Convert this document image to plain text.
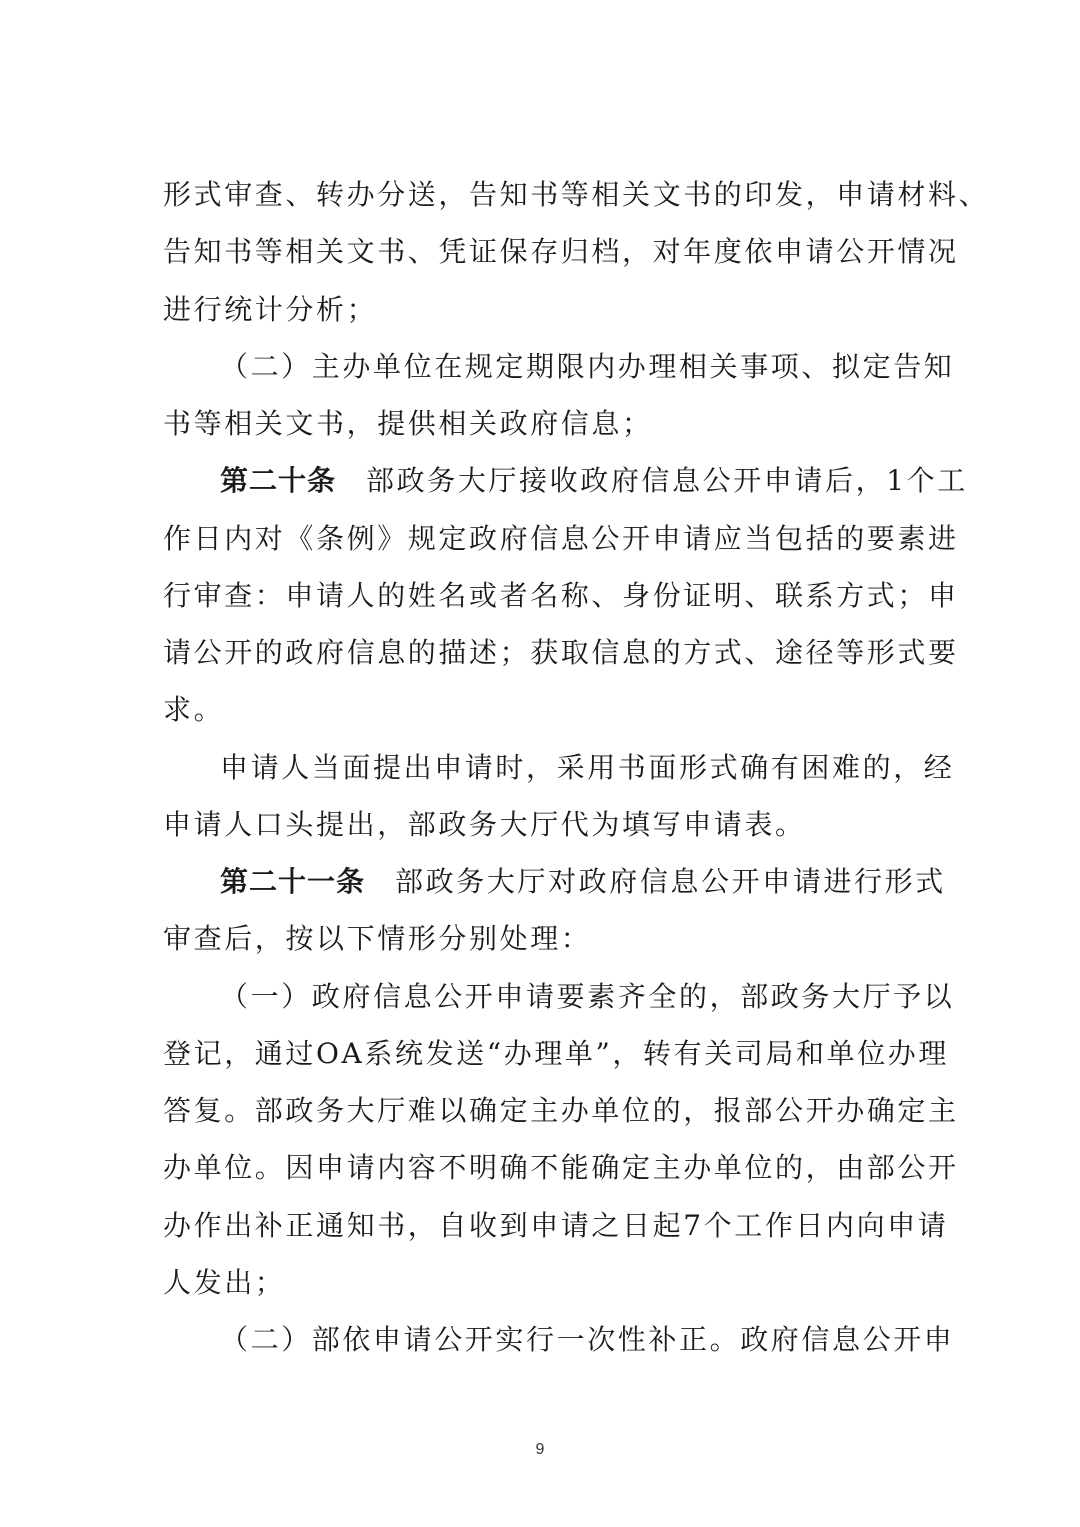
形式审查、转办分送，告知书等相关文书的印发，申请材料、
告知书等相关文书、凭证保存归档，对年度依申请公开情况
进行统计分析；
（二）主办单位在规定期限内办理相关事项、拟定告知
书等相关文书，提供相关政府信息；
第二十条 部政务大厅接收政府信息公开申请后，1个工
作日内对《条例》规定政府信息公开申请应当包括的要素进
行审查：申请人的姓名或者名称、身份证明、联系方式；申
请公开的政府信息的描述；获取信息的方式、途径等形式要
求。
申请人当面提出申请时，采用书面形式确有困难的，经
申请人口头提出，部政务大厅代为填写申请表。
第二十一条 部政务大厅对政府信息公开申请进行形式
审查后，按以下情形分别处理：
（一）政府信息公开申请要素齐全的，部政务大厅予以
登记，通过OA系统发送“办理单”，转有关司局和单位办理
答复。部政务大厅难以确定主办单位的，报部公开办确定主
办单位。因申请内容不明确不能确定主办单位的，由部公开
办作出补正通知书，自收到申请之日起7个工作日内向申请
人发出；
（二）部依申请公开实行一次性补正。政府信息公开申
9
